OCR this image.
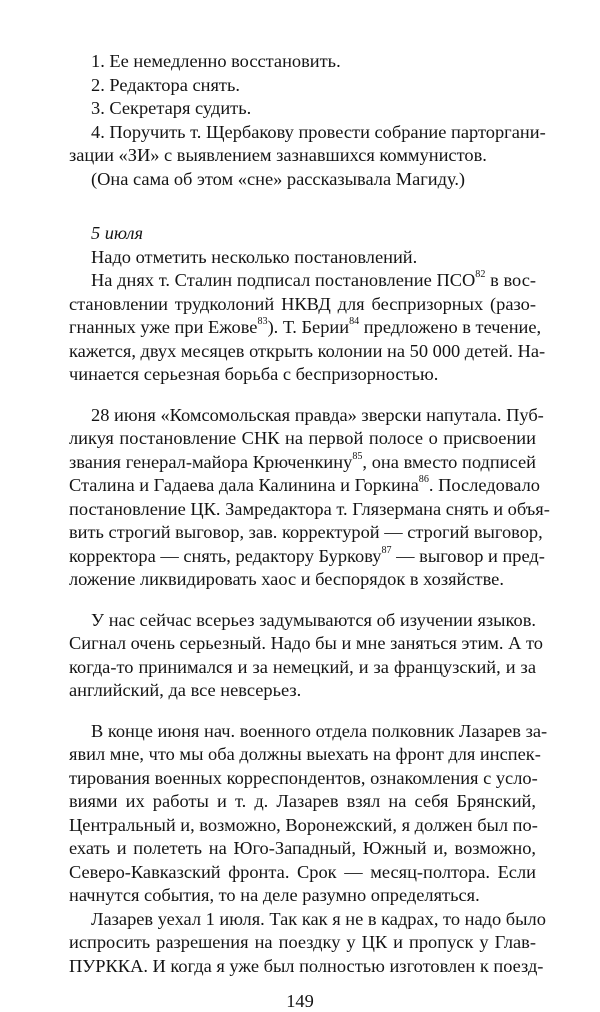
149
1. Ее немедленно восстановить.
2. Редактора снять.
3. Секретаря судить.
4. Поручить т. Щербакову провести собрание парторгани-
зации «ЗИ» с выявлением зазнавшихся коммунистов.
(Она сама об этом «сне» рассказывала Магиду.)
5 июля
Надо отметить несколько постановлений.
На днях т. Сталин подписал постановление ПСО$^{82}$ в вос-
становлении трудколоний НКВД для беспризорных (разо-
гнанных уже при Ежове$^{83}$). Т. Берии$^{84}$ предложено в течение,
кажется, двух месяцев открыть колонии на 50 000 детей. На-
чинается серьезная борьба с беспризорностью.
28 июня «Комсомольская правда» зверски напутала. Пуб-
ликуя постановление СНК на первой полосе о присвоении
звания генерал-майора Крюченкину$^{85}$, она вместо подписей
Сталина и Гадаева дала Калинина и Горкина$^{86}$. Последовало
постановление ЦК. Замредактора т. Глязермана снять и объя-
вить строгий выговор, зав. корректурой — строгий выговор,
корректора — снять, редактору Буркову$^{87}$ — выговор и пред-
ложение ликвидировать хаос и беспорядок в хозяйстве.
У нас сейчас всерьез задумываются об изучении языков.
Сигнал очень серьезный. Надо бы и мне заняться этим. А то
когда-то принимался и за немецкий, и за французский, и за
английский, да все невсерьез.
В конце июня нач. военного отдела полковник Лазарев за-
явил мне, что мы оба должны выехать на фронт для инспек-
тирования военных корреспондентов, ознакомления с усло-
виями их работы и т. д. Лазарев взял на себя Брянский,
Центральный и, возможно, Воронежский, я должен был по-
ехать и полететь на Юго-Западный, Южный и, возможно,
Северо-Кавказский фронта. Срок — месяц-полтора. Если
начнутся события, то на деле разумно определяться.
Лазарев уехал 1 июля. Так как я не в кадрах, то надо было
испросить разрешения на поездку у ЦК и пропуск у Глав-
ПУРККА. И когда я уже был полностью изготовлен к поезд-
